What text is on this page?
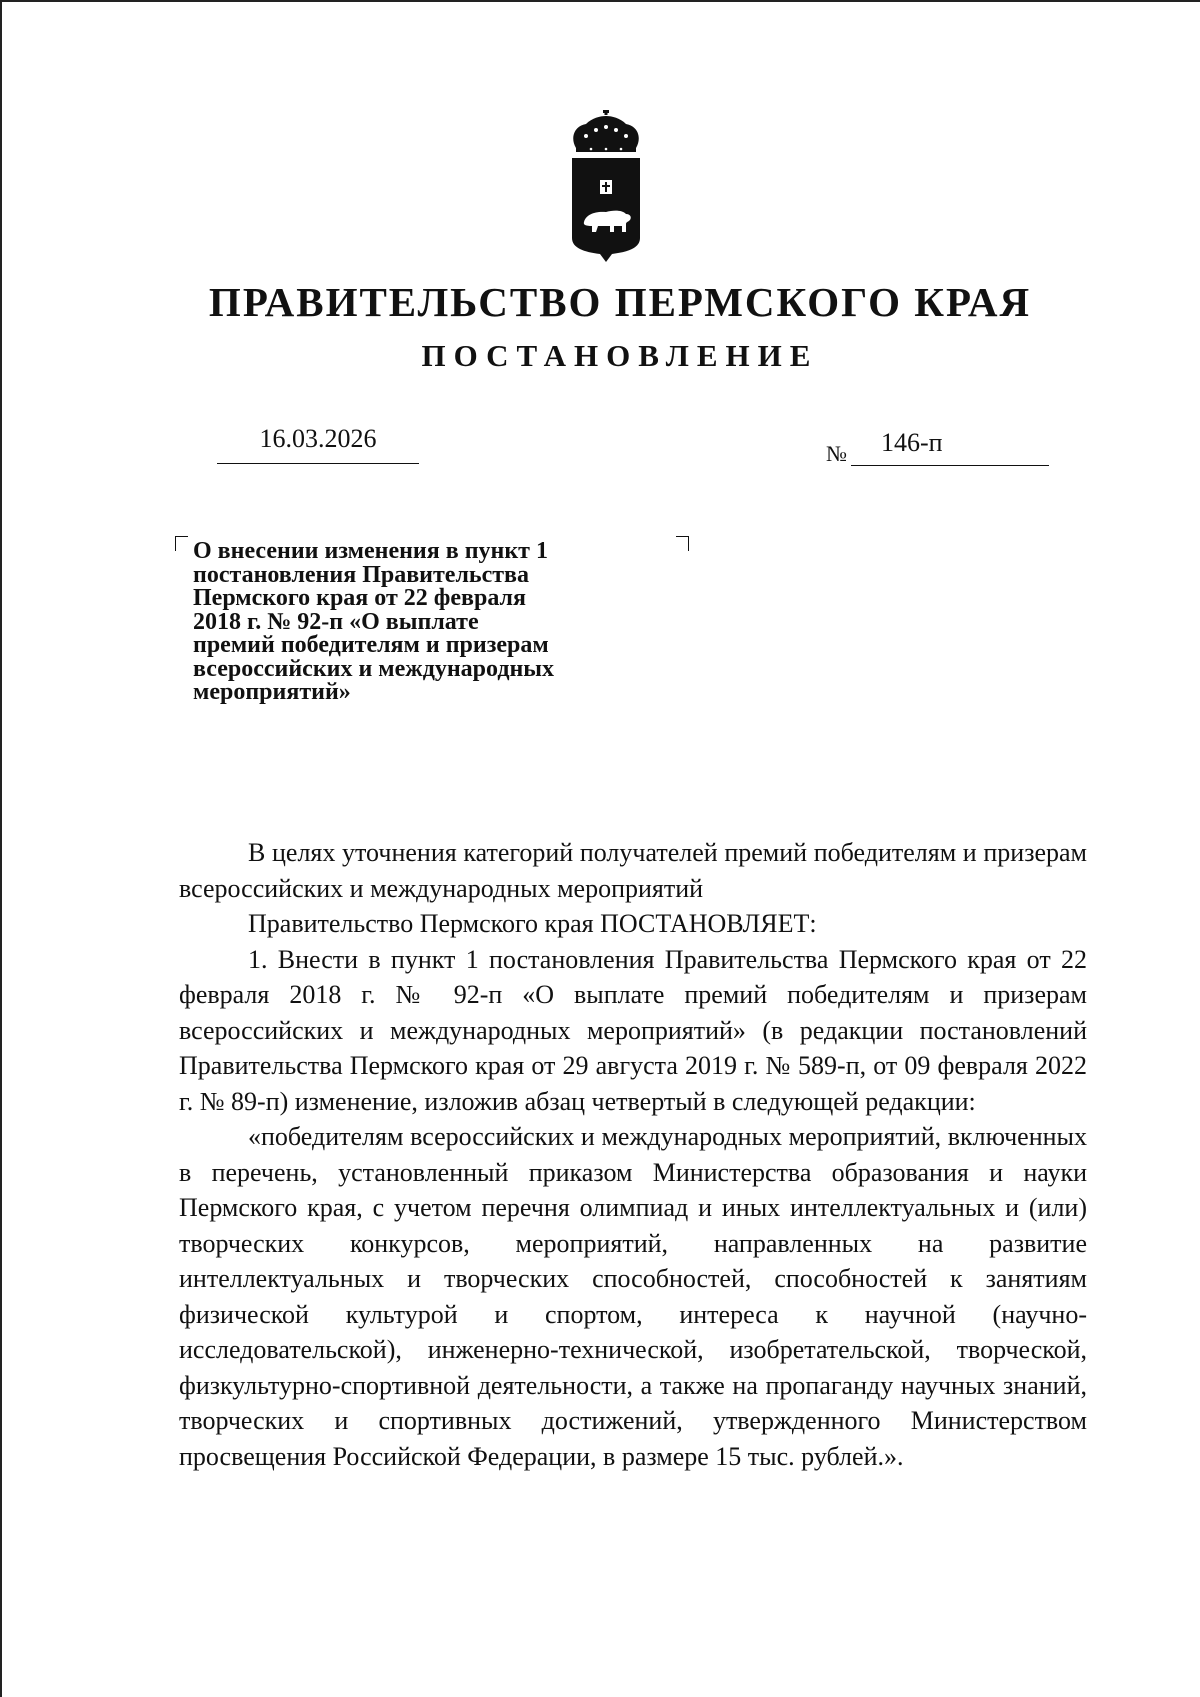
ПРАВИТЕЛЬСТВО ПЕРМСКОГО КРАЯ
ПОСТАНОВЛЕНИЕ
16.03.2026
№ 146-п

О внесении изменения в пункт 1
постановления Правительства
Пермского края от 22 февраля
2018 г. № 92-п «О выплате
премий победителям и призерам
всероссийских и международных
мероприятий»

В целях уточнения категорий получателей премий победителям и призерам всероссийских и международных мероприятий

Правительство Пермского края ПОСТАНОВЛЯЕТ:

1. Внести в пункт 1 постановления Правительства Пермского края от 22 февраля 2018 г. № 92-п «О выплате премий победителям и призерам всероссийских и международных мероприятий» (в редакции постановлений Правительства Пермского края от 29 августа 2019 г. № 589-п, от 09 февраля 2022 г. № 89-п) изменение, изложив абзац четвертый в следующей редакции:

«победителям всероссийских и международных мероприятий, включенных в перечень, установленный приказом Министерства образования и науки Пермского края, с учетом перечня олимпиад и иных интеллектуальных и (или) творческих конкурсов, мероприятий, направленных на развитие интеллектуальных и творческих способностей, способностей к занятиям физической культурой и спортом, интереса к научной (научно-исследовательской), инженерно-технической, изобретательской, творческой, физкультурно-спортивной деятельности, а также на пропаганду научных знаний, творческих и спортивных достижений, утвержденного Министерством просвещения Российской Федерации, в размере 15 тыс. рублей.».
